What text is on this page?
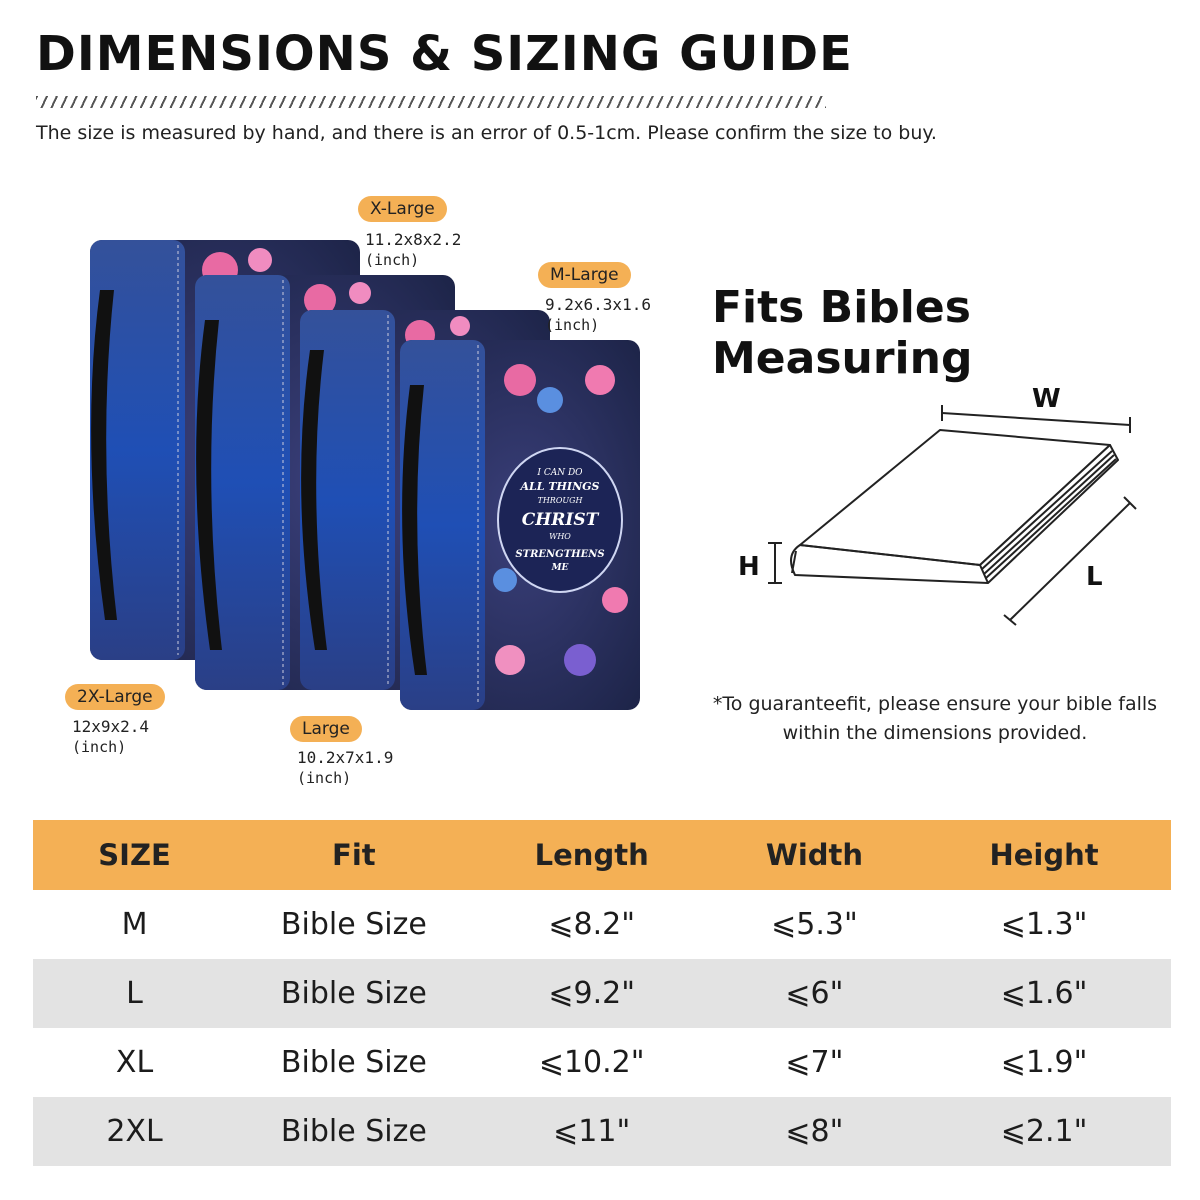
DIMENSIONS & SIZING GUIDE
The size is measured by hand, and there is an error of 0.5-1cm. Please confirm the size to buy.
I CAN DO
ALL THINGS
THROUGH
CHRIST
WHO
STRENGTHENS
ME
X-Large
11.2x8x2.2
(inch)
M-Large
9.2x6.3x1.6
(inch)
2X-Large
12x9x2.4
(inch)
Large
10.2x7x1.9
(inch)
Fits Bibles Measuring
W
H	L
*To guaranteefit, please ensure your bible falls
within the dimensions provided.
SIZE	Fit	Length	Width	Height
M	Bible Size	⩽8.2"	⩽5.3"	⩽1.3"
L	Bible Size	⩽9.2"	⩽6"	⩽1.6"
XL	Bible Size	⩽10.2"	⩽7"	⩽1.9"
2XL	Bible Size	⩽11"	⩽8"	⩽2.1"
